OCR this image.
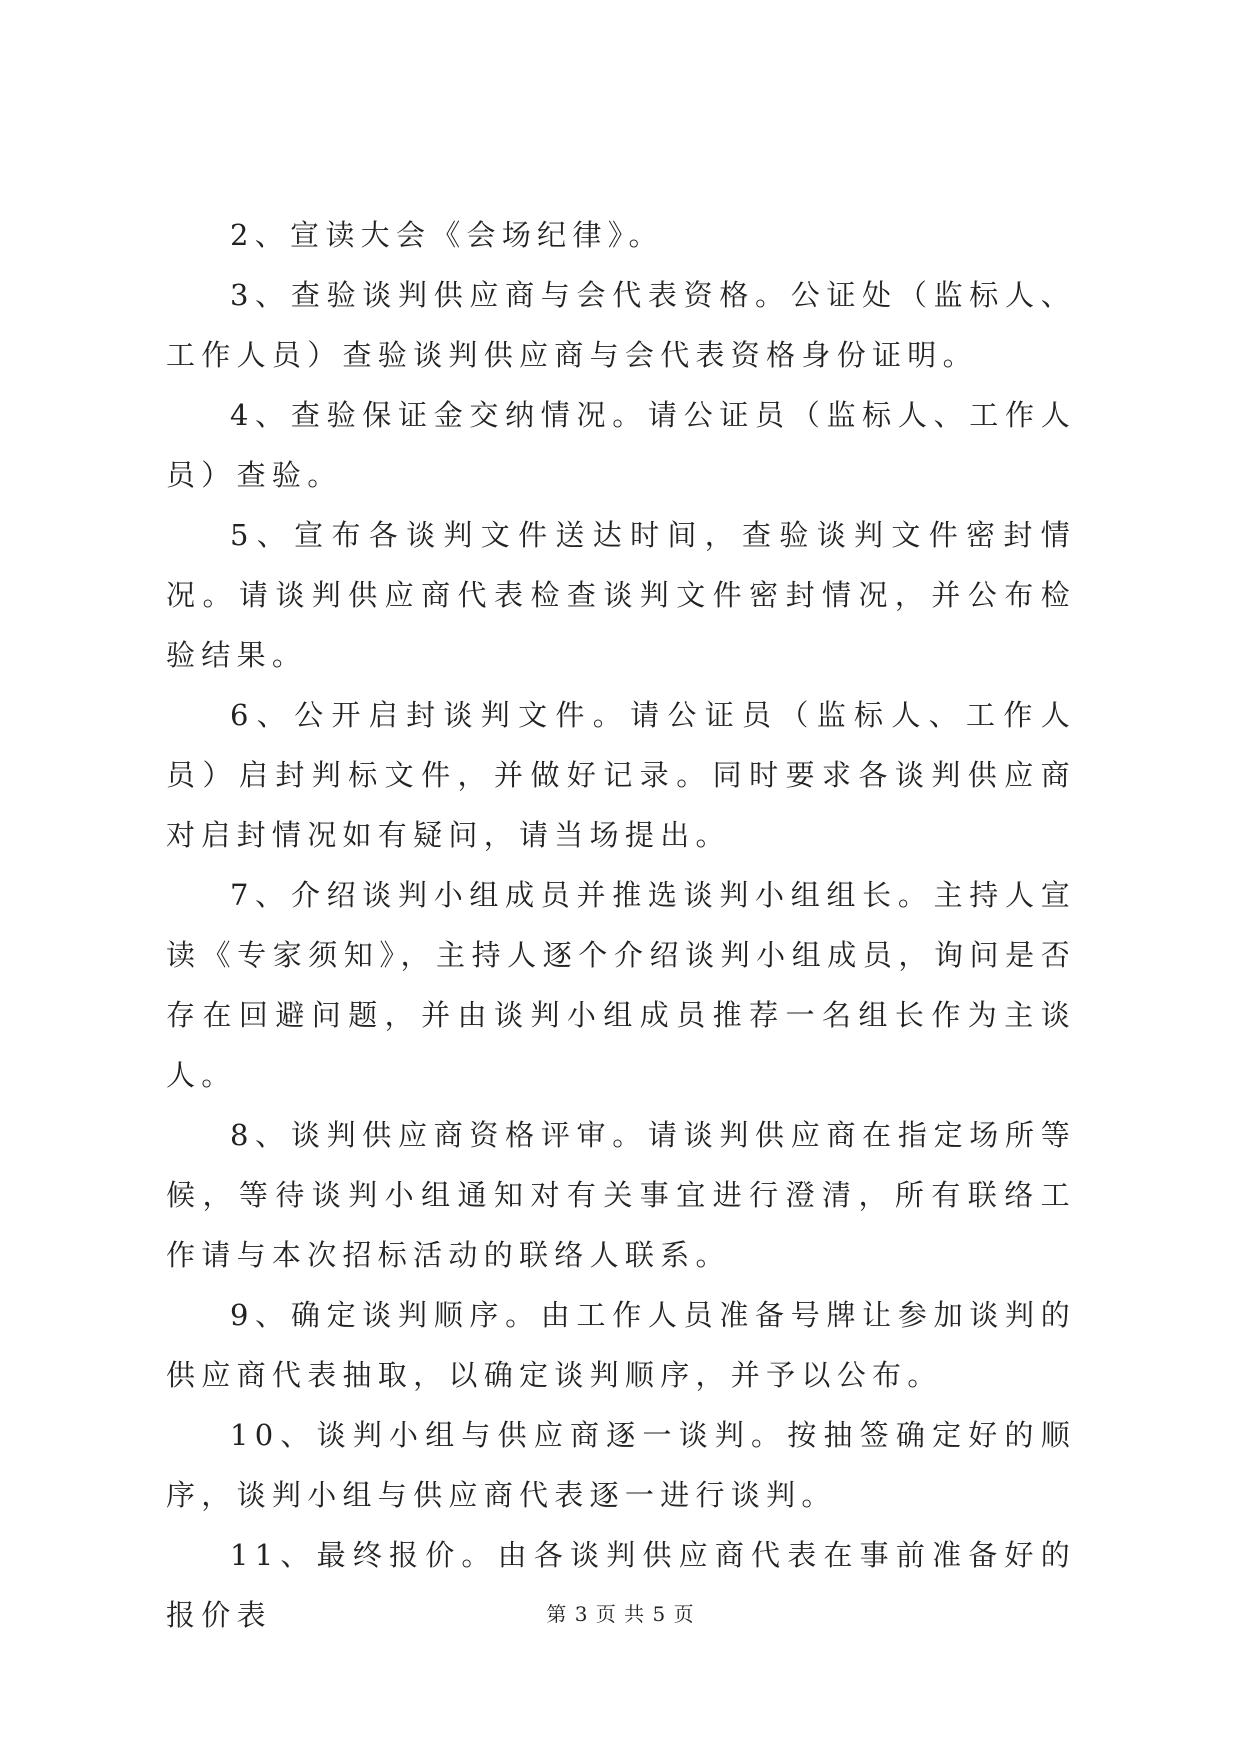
2、宣读大会《会场纪律》。

3、查验谈判供应商与会代表资格。公证处（监标人、工作人员）查验谈判供应商与会代表资格身份证明。

4、查验保证金交纳情况。请公证员（监标人、工作人员）查验。

5、宣布各谈判文件送达时间，查验谈判文件密封情况。请谈判供应商代表检查谈判文件密封情况，并公布检验结果。

6、公开启封谈判文件。请公证员（监标人、工作人员）启封判标文件，并做好记录。同时要求各谈判供应商对启封情况如有疑问，请当场提出。

7、介绍谈判小组成员并推选谈判小组组长。主持人宣读《专家须知》，主持人逐个介绍谈判小组成员，询问是否存在回避问题，并由谈判小组成员推荐一名组长作为主谈人。

8、谈判供应商资格评审。请谈判供应商在指定场所等候，等待谈判小组通知对有关事宜进行澄清，所有联络工作请与本次招标活动的联络人联系。

9、确定谈判顺序。由工作人员准备号牌让参加谈判的供应商代表抽取，以确定谈判顺序，并予以公布。

10、谈判小组与供应商逐一谈判。按抽签确定好的顺序，谈判小组与供应商代表逐一进行谈判。

11、最终报价。由各谈判供应商代表在事前准备好的报价表	第 3 页 共 5 页
